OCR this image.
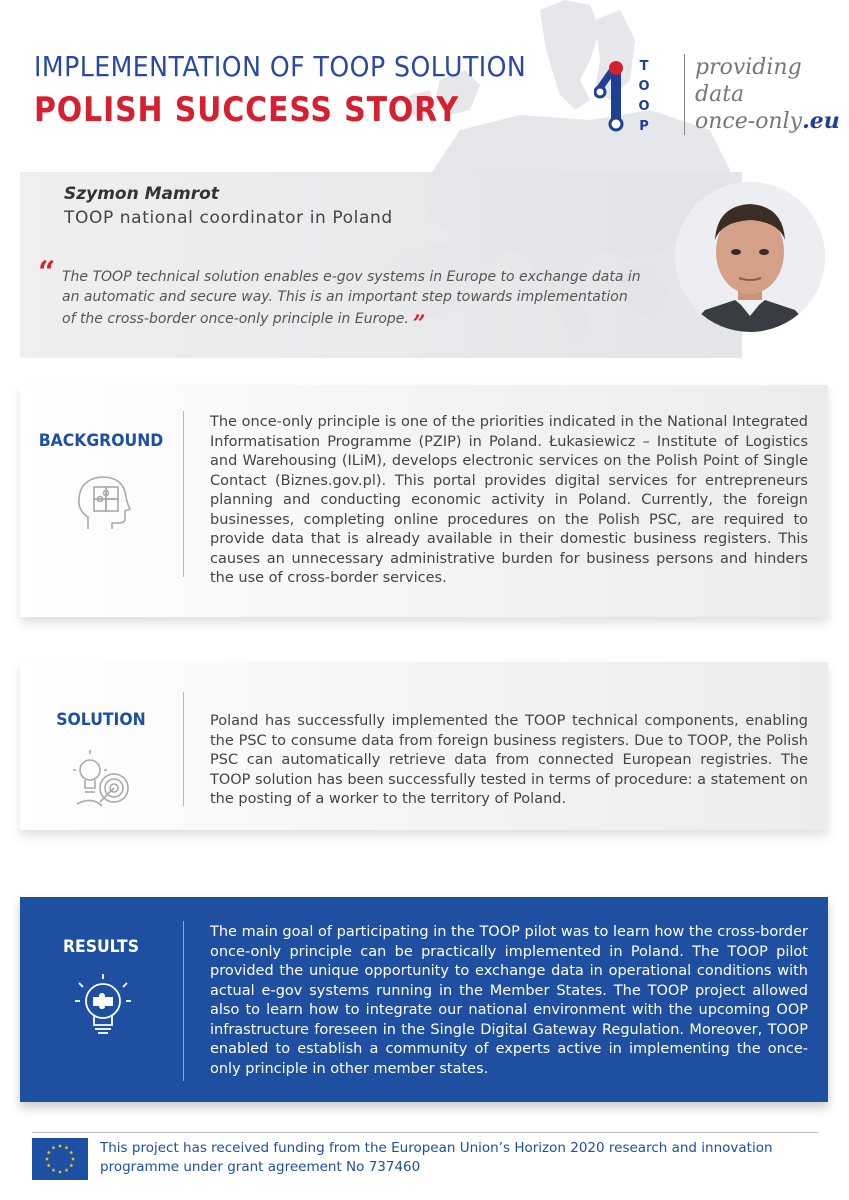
IMPLEMENTATION OF TOOP SOLUTION
POLISH SUCCESS STORY
T
O
O
P
providing
data
once-only.eu
Szymon Mamrot
TOOP national coordinator in Poland
“ The TOOP technical solution enables e-gov systems in Europe to exchange data in an automatic and secure way. This is an important step towards implementation of the cross-border once-only principle in Europe. ”
BACKGROUND
The once-only principle is one of the priorities indicated in the National Integrated Informatisation Programme (PZIP) in Poland. Łukasiewicz – Institute of Logistics and Warehousing (ILiM), develops electronic services on the Polish Point of Single Contact (Biznes.gov.pl). This portal provides digital services for entrepreneurs planning and conducting economic activity in Poland. Currently, the foreign businesses, completing online procedures on the Polish PSC, are required to provide data that is already available in their domestic business registers. This causes an unnecessary administrative burden for business persons and hinders the use of cross-border services.
SOLUTION	Poland has successfully implemented the TOOP technical components, enabling the PSC to consume data from foreign business registers. Due to TOOP, the Polish PSC can automatically retrieve data from connected European registries. The TOOP solution has been successfully tested in terms of procedure: a statement on the posting of a worker to the territory of Poland.
RESULTS
The main goal of participating in the TOOP pilot was to learn how the cross-border once-only principle can be practically implemented in Poland. The TOOP pilot provided the unique opportunity to exchange data in operational conditions with actual e-gov systems running in the Member States. The TOOP project allowed also to learn how to integrate our national environment with the upcoming OOP infrastructure foreseen in the Single Digital Gateway Regulation. Moreover, TOOP enabled to establish a community of experts active in implementing the once-only principle in other member states.
This project has received funding from the European Union’s Horizon 2020 research and innovation programme under grant agreement No 737460
